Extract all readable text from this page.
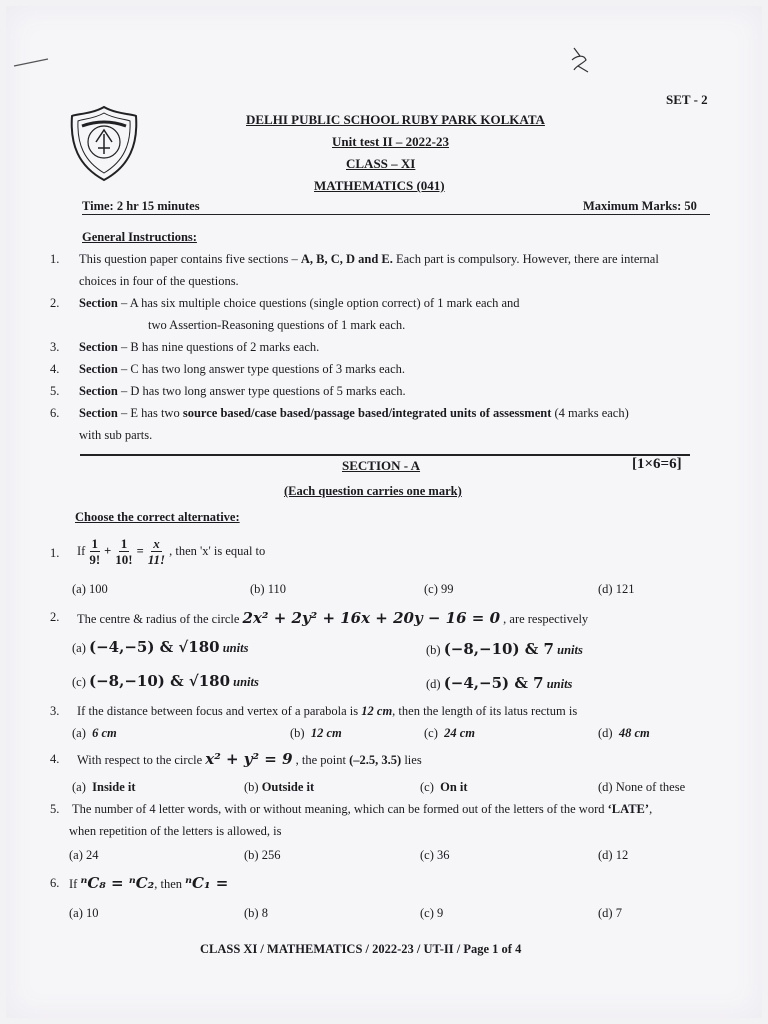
SET - 2
DELHI PUBLIC SCHOOL RUBY PARK KOLKATA
Unit test II – 2022-23
CLASS – XI
MATHEMATICS (041)
Time: 2 hr 15 minutes	Maximum Marks: 50
General Instructions:
1. This question paper contains five sections – A, B, C, D and E. Each part is compulsory. However, there are internal
choices in four of the questions.
2. Section – A has six multiple choice questions (single option correct) of 1 mark each and
two Assertion-Reasoning questions of 1 mark each.
3. Section – B has nine questions of 2 marks each.
4. Section – C has two long answer type questions of 3 marks each.
5. Section – D has two long answer type questions of 5 marks each.
6. Section – E has two source based/case based/passage based/integrated units of assessment (4 marks each)
with sub parts.
SECTION - A	[1×6=6]
(Each question carries one mark)
Choose the correct alternative:
1. If $\frac{1}{9!} + \frac{1}{10!} = \frac{x}{11!}$ , then 'x' is equal to
(a) 100	(b) 110	(c) 99	(d) 121
2. The centre & radius of the circle 2x² + 2y² + 16x + 20y − 16 = 0 , are respectively
(a) (−4,−5) & √180 units	(b) (−8,−10) & 7 units
(c) (−8,−10) & √180 units	(d) (−4,−5) & 7 units
3. If the distance between focus and vertex of a parabola is 12 cm, then the length of its latus rectum is
(a) 6 cm	(b) 12 cm	(c) 24 cm	(d) 48 cm
4. With respect to the circle x² + y² = 9 , the point (–2.5, 3.5) lies
(a) Inside it	(b) Outside it	(c) On it	(d) None of these
5. The number of 4 letter words, with or without meaning, which can be formed out of the letters of the word ‘LATE’,
when repetition of the letters is allowed, is
(a) 24	(b) 256	(c) 36	(d) 12
6. If ⁿC₈ = ⁿC₂, then ⁿC₁ =
(a) 10	(b) 8	(c) 9	(d) 7
CLASS XI / MATHEMATICS / 2022-23 / UT-II / Page 1 of 4
